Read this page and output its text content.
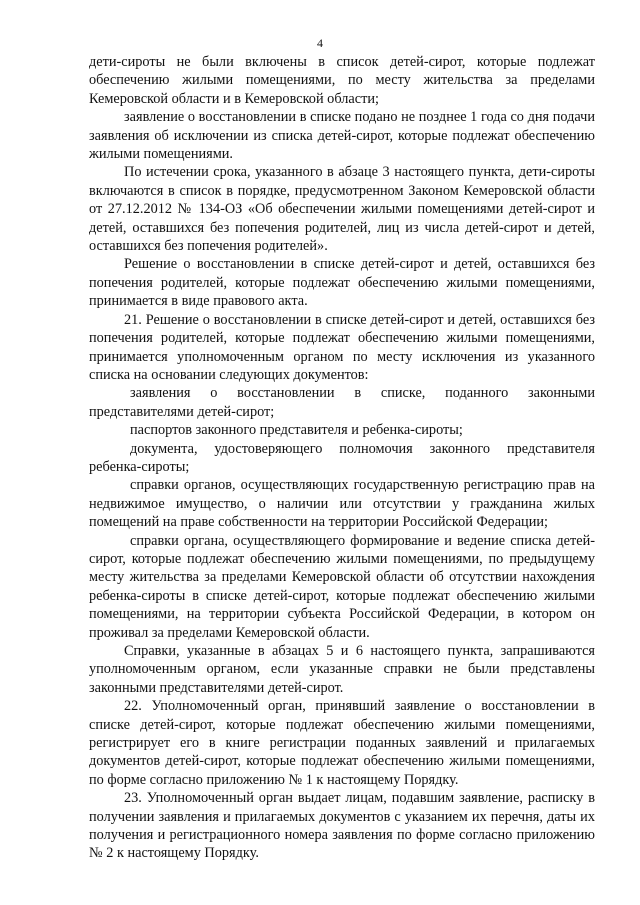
4

дети-сироты не были включены в список детей-сирот, которые подлежат обеспечению жилыми помещениями, по месту жительства за пределами Кемеровской области и в Кемеровской области;

заявление о восстановлении в списке подано не позднее 1 года со дня подачи заявления об исключении из списка детей-сирот, которые подлежат обеспечению жилыми помещениями.

По истечении срока, указанного в абзаце 3 настоящего пункта, дети-сироты включаются в список в порядке, предусмотренном Законом Кемеровской области от 27.12.2012 № 134-ОЗ «Об обеспечении жилыми помещениями детей-сирот и детей, оставшихся без попечения родителей, лиц из числа детей-сирот и детей, оставшихся без попечения родителей».

Решение о восстановлении в списке детей-сирот и детей, оставшихся без попечения родителей, которые подлежат обеспечению жилыми помещениями, принимается в виде правового акта.

21. Решение о восстановлении в списке детей-сирот и детей, оставшихся без попечения родителей, которые подлежат обеспечению жилыми помещениями, принимается уполномоченным органом по месту исключения из указанного списка на основании следующих документов:

заявления о восстановлении в списке, поданного законными представителями детей-сирот;

паспортов законного представителя и ребенка-сироты;

документа, удостоверяющего полномочия законного представителя ребенка-сироты;

справки органов, осуществляющих государственную регистрацию прав на недвижимое имущество, о наличии или отсутствии у гражданина жилых помещений на праве собственности на территории Российской Федерации;

справки органа, осуществляющего формирование и ведение списка детей-сирот, которые подлежат обеспечению жилыми помещениями, по предыдущему месту жительства за пределами Кемеровской области об отсутствии нахождения ребенка-сироты в списке детей-сирот, которые подлежат обеспечению жилыми помещениями, на территории субъекта Российской Федерации, в котором он проживал за пределами Кемеровской области.

Справки, указанные в абзацах 5 и 6 настоящего пункта, запрашиваются уполномоченным органом, если указанные справки не были представлены законными представителями детей-сирот.

22. Уполномоченный орган, принявший заявление о восстановлении в списке детей-сирот, которые подлежат обеспечению жилыми помещениями, регистрирует его в книге регистрации поданных заявлений и прилагаемых документов детей-сирот, которые подлежат обеспечению жилыми помещениями, по форме согласно приложению № 1 к настоящему Порядку.

23. Уполномоченный орган выдает лицам, подавшим заявление, расписку в получении заявления и прилагаемых документов с указанием их перечня, даты их получения и регистрационного номера заявления по форме согласно приложению № 2 к настоящему Порядку.
